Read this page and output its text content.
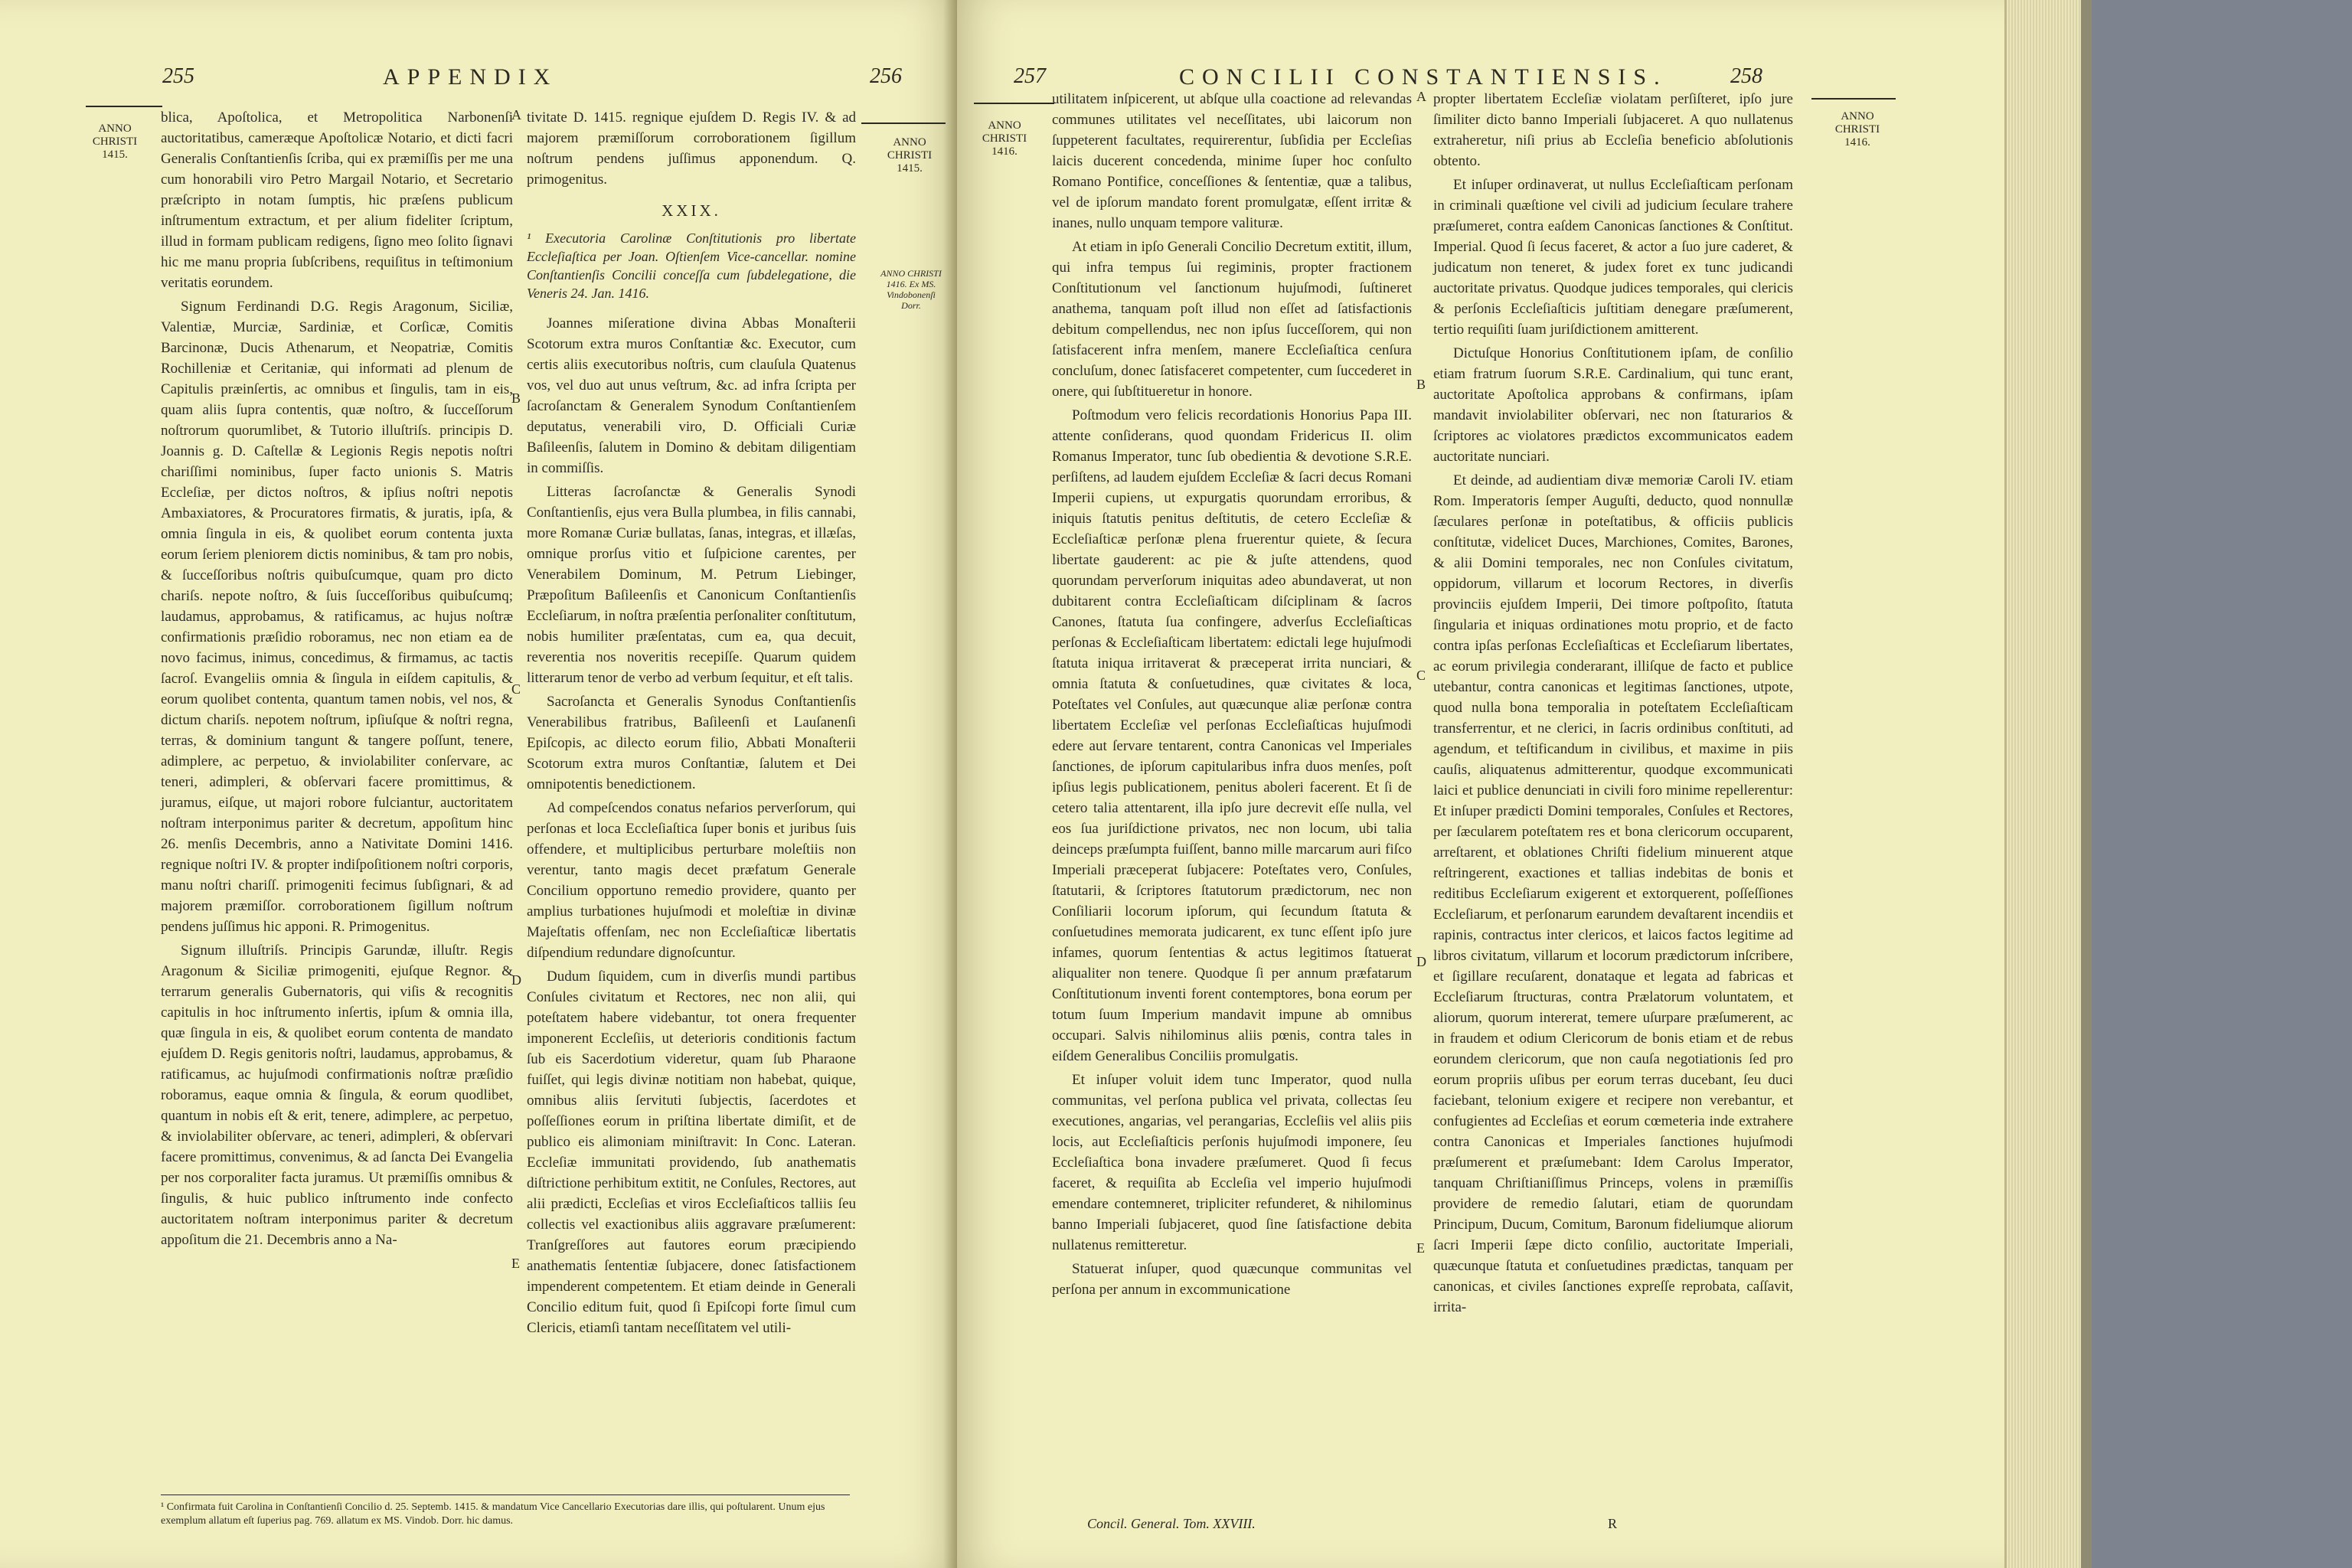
255	APPENDIX	256
ANNO CHRISTI 1415.
ANNO CHRISTI 1415.

blica, Apoſtolica, et Metropolitica Narbonenſi auctoritatibus, cameræque Apoſtolicæ Notario, et dicti facri Generalis Conſtantienſis ſcriba, qui ex præmiſſis per me una cum honorabili viro Petro Margail Notario, et Secretario præſcripto in notam ſumptis, hic præſens publicum inſtrumentum extractum, et per alium fideliter ſcriptum, illud in formam publicam redigens, ſigno meo ſolito ſignavi hic me manu propria ſubſcribens, requiſitus in teſtimonium veritatis eorundem.

Signum Ferdinandi D.G. Regis Aragonum, Siciliæ, Valentiæ, Murciæ, Sardiniæ, et Corſicæ, Comitis Barcinonæ, Ducis Athenarum, et Neopatriæ, Comitis Rochilleniæ et Ceritaniæ, qui informati ad plenum de Capitulis præinſertis, ac omnibus et ſingulis, tam in eis, quam aliis ſupra contentis, quæ noſtro, & ſucceſſorum noſtrorum quorumlibet, & Tutorio illuſtriſs. principis D. Joannis g. D. Caſtellæ & Legionis Regis nepotis noſtri chariſſimi nominibus, ſuper facto unionis S. Matris Eccleſiæ, per dictos noſtros, & ipſius noſtri nepotis Ambaxiatores, & Procuratores firmatis, & juratis, ipſa, & omnia ſingula in eis, & quolibet eorum contenta juxta eorum ſeriem pleniorem dictis nominibus, & tam pro nobis, & ſucceſſoribus noſtris quibuſcumque, quam pro dicto chariſs. nepote noſtro, & ſuis ſucceſſoribus quibuſcumq; laudamus, approbamus, & ratificamus, ac hujus noſtræ confirmationis præſidio roboramus, nec non etiam ea de novo facimus, inimus, concedimus, & firmamus, ac tactis ſacroſ. Evangeliis omnia & ſingula in eiſdem capitulis, & eorum quolibet contenta, quantum tamen nobis, vel nos, & dictum chariſs. nepotem noſtrum, ipſiuſque & noſtri regna, terras, & dominium tangunt & tangere poſſunt, tenere, adimplere, ac perpetuo, & inviolabiliter conſervare, ac teneri, adimpleri, & obſervari facere promittimus, & juramus, eiſque, ut majori robore fulciantur, auctoritatem noſtram interponimus pariter & decretum, appoſitum hinc 26. menſis Decembris, anno a Nativitate Domini 1416. regnique noſtri IV. & propter indiſpoſitionem noſtri corporis, manu noſtri chariſſ. primogeniti fecimus ſubſignari, & ad majorem præmiſſor. corroborationem ſigillum noſtrum pendens juſſimus hic apponi. R. Primogenitus.

Signum illuſtriſs. Principis Garundæ, illuſtr. Regis Aragonum & Siciliæ primogeniti, ejuſque Regnor. & terrarum generalis Gubernatoris, qui viſis & recognitis capitulis in hoc inſtrumento inſertis, ipſum & omnia illa, quæ ſingula in eis, & quolibet eorum contenta de mandato ejuſdem D. Regis genitoris noſtri, laudamus, approbamus, & ratificamus, ac hujuſmodi confirmationis noſtræ præſidio roboramus, eaque omnia & ſingula, & eorum quodlibet, quantum in nobis eſt & erit, tenere, adimplere, ac perpetuo, & inviolabiliter obſervare, ac teneri, adimpleri, & obſervari facere promittimus, convenimus, & ad ſancta Dei Evangelia per nos corporaliter facta juramus. Ut præmiſſis omnibus & ſingulis, & huic publico inſtrumento inde confecto auctoritatem noſtram interponimus pariter & decretum appoſitum die 21. Decembris anno a Na-

A
B
C
D
E

tivitate D. 1415. regnique ejuſdem D. Regis IV. & ad majorem præmiſſorum corroborationem ſigillum noſtrum pendens juſſimus apponendum. Q. primogenitus.

XXIX.

¹ Executoria Carolinæ Conſtitutionis pro libertate Eccleſiaſtica per Joan. Oſtienſem Vice-cancellar. nomine Conſtantienſis Concilii conceſſa cum ſubdelegatione, die Veneris 24. Jan. 1416.

Joannes miſeratione divina Abbas Monaſterii Scotorum extra muros Conſtantiæ &c. Executor, cum certis aliis executoribus noſtris, cum clauſula Quatenus vos, vel duo aut unus veſtrum, &c. ad infra ſcripta per ſacroſanctam & Generalem Synodum Conſtantienſem deputatus, venerabili viro, D. Officiali Curiæ Baſileenſis, ſalutem in Domino & debitam diligentiam in commiſſis.

Litteras ſacroſanctæ & Generalis Synodi Conſtantienſis, ejus vera Bulla plumbea, in filis cannabi, more Romanæ Curiæ bullatas, ſanas, integras, et illæſas, omnique prorſus vitio et ſuſpicione carentes, per Venerabilem Dominum, M. Petrum Liebinger, Præpoſitum Baſileenſis et Canonicum Conſtantienſis Eccleſiarum, in noſtra præſentia perſonaliter conſtitutum, nobis humiliter præſentatas, cum ea, qua decuit, reverentia nos noveritis recepiſſe. Quarum quidem litterarum tenor de verbo ad verbum ſequitur, et eſt talis.

Sacroſancta et Generalis Synodus Conſtantienſis Venerabilibus fratribus, Baſileenſi et Lauſanenſi Epiſcopis, ac dilecto eorum filio, Abbati Monaſterii Scotorum extra muros Conſtantiæ, ſalutem et Dei omnipotentis benedictionem.

Ad compeſcendos conatus nefarios perverſorum, qui perſonas et loca Eccleſiaſtica ſuper bonis et juribus ſuis offendere, et multiplicibus perturbare moleſtiis non verentur, tanto magis decet præfatum Generale Concilium opportuno remedio providere, quanto per amplius turbationes hujuſmodi et moleſtiæ in divinæ Majeſtatis offenſam, nec non Eccleſiaſticæ libertatis diſpendium redundare dignoſcuntur.

Dudum ſiquidem, cum in diverſis mundi partibus Conſules civitatum et Rectores, nec non alii, qui poteſtatem habere videbantur, tot onera frequenter imponerent Eccleſiis, ut deterioris conditionis factum ſub eis Sacerdotium videretur, quam ſub Pharaone fuiſſet, qui legis divinæ notitiam non habebat, quique, omnibus aliis ſervituti ſubjectis, ſacerdotes et poſſeſſiones eorum in priſtina libertate dimiſit, et de publico eis alimoniam miniſtravit: In Conc. Lateran. Eccleſiæ immunitati providendo, ſub anathematis diſtrictione perhibitum extitit, ne Conſules, Rectores, aut alii prædicti, Eccleſias et viros Eccleſiaſticos talliis ſeu collectis vel exactionibus aliis aggravare præſumerent: Tranſgreſſores aut fautores eorum præcipiendo anathematis ſententiæ ſubjacere, donec ſatisfactionem impenderent competentem. Et etiam deinde in Generali Concilio editum fuit, quod ſi Epiſcopi forte ſimul cum Clericis, etiamſi tantam neceſſitatem vel utili-

ANNO CHRISTI 1416. Ex MS. Vindobonenſi Dorr.
¹ Confirmata fuit Carolina in Conſtantienſi Concilio d. 25. Septemb. 1415. & mandatum Vice Cancellario Executorias dare illis, qui poſtularent. Unum ejus exemplum allatum eſt ſuperius pag. 769. allatum ex MS. Vindob. Dorr. hic damus.
257	CONCILII CONSTANTIENSIS.	258
ANNO CHRISTI 1416.
ANNO CHRISTI 1416.

utilitatem inſpicerent, ut abſque ulla coactione ad relevandas communes utilitates vel neceſſitates, ubi laicorum non ſuppeterent facultates, requirerentur, ſubſidia per Eccleſias laicis ducerent concedenda, minime ſuper hoc conſulto Romano Pontifice, conceſſiones & ſententiæ, quæ a talibus, vel de ipſorum mandato forent promulgatæ, eſſent irritæ & inanes, nullo unquam tempore valituræ.

At etiam in ipſo Generali Concilio Decretum extitit, illum, qui infra tempus ſui regiminis, propter fractionem Conſtitutionum vel ſanctionum hujuſmodi, ſuſtineret anathema, tanquam poſt illud non eſſet ad ſatisfactionis debitum compellendus, nec non ipſus ſucceſſorem, qui non ſatisfacerent infra menſem, manere Eccleſiaſtica cenſura concluſum, donec ſatisfaceret competenter, cum ſuccederet in onere, qui ſubſtitueretur in honore.

Poſtmodum vero felicis recordationis Honorius Papa III. attente conſiderans, quod quondam Fridericus II. olim Romanus Imperator, tunc ſub obedientia & devotione S.R.E. perſiſtens, ad laudem ejuſdem Eccleſiæ & ſacri decus Romani Imperii cupiens, ut expurgatis quorundam erroribus, & iniquis ſtatutis penitus deſtitutis, de cetero Eccleſiæ & Eccleſiaſticæ perſonæ plena fruerentur quiete, & ſecura libertate gauderent: ac pie & juſte attendens, quod quorundam perverſorum iniquitas adeo abundaverat, ut non dubitarent contra Eccleſiaſticam diſciplinam & ſacros Canones, ſtatuta ſua confingere, adverſus Eccleſiaſticas perſonas & Eccleſiaſticam libertatem: edictali lege hujuſmodi ſtatuta iniqua irritaverat & præceperat irrita nunciari, & omnia ſtatuta & conſuetudines, quæ civitates & loca, Poteſtates vel Conſules, aut quæcunque aliæ perſonæ contra libertatem Eccleſiæ vel perſonas Eccleſiaſticas hujuſmodi edere aut ſervare tentarent, contra Canonicas vel Imperiales ſanctiones, de ipſorum capitularibus infra duos menſes, poſt ipſius legis publicationem, penitus aboleri facerent. Et ſi de cetero talia attentarent, illa ipſo jure decrevit eſſe nulla, vel eos ſua juriſdictione privatos, nec non locum, ubi talia deinceps præſumpta fuiſſent, banno mille marcarum auri fiſco Imperiali præceperat ſubjacere: Poteſtates vero, Conſules, ſtatutarii, & ſcriptores ſtatutorum prædictorum, nec non Conſiliarii locorum ipſorum, qui ſecundum ſtatuta & conſuetudines memorata judicarent, ex tunc eſſent ipſo jure infames, quorum ſententias & actus legitimos ſtatuerat aliqualiter non tenere. Quodque ſi per annum præfatarum Conſtitutionum inventi forent contemptores, bona eorum per totum ſuum Imperium mandavit impune ab omnibus occupari. Salvis nihilominus aliis pœnis, contra tales in eiſdem Generalibus Conciliis promulgatis.

Et inſuper voluit idem tunc Imperator, quod nulla communitas, vel perſona publica vel privata, collectas ſeu executiones, angarias, vel perangarias, Eccleſiis vel aliis piis locis, aut Eccleſiaſticis perſonis hujuſmodi imponere, ſeu Eccleſiaſtica bona invadere præſumeret. Quod ſi fecus faceret, & requiſita ab Eccleſia vel imperio hujuſmodi emendare contemneret, tripliciter refunderet, & nihilominus banno Imperiali ſubjaceret, quod ſine ſatisfactione debita nullatenus remitteretur.

Statuerat inſuper, quod quæcunque communitas vel perſona per annum in excommunicatione

A
B
C
D
E

propter libertatem Eccleſiæ violatam perſiſteret, ipſo jure ſimiliter dicto banno Imperiali ſubjaceret. A quo nullatenus extraheretur, niſi prius ab Eccleſia beneficio abſolutionis obtento.

Et inſuper ordinaverat, ut nullus Eccleſiaſticam perſonam in criminali quæſtione vel civili ad judicium ſeculare trahere præſumeret, contra eaſdem Canonicas ſanctiones & Conſtitut. Imperial. Quod ſi ſecus faceret, & actor a ſuo jure caderet, & judicatum non teneret, & judex foret ex tunc judicandi auctoritate privatus. Quodque judices temporales, qui clericis & perſonis Eccleſiaſticis juſtitiam denegare præſumerent, tertio requiſiti ſuam juriſdictionem amitterent.

Dictuſque Honorius Conſtitutionem ipſam, de conſilio etiam fratrum ſuorum S.R.E. Cardinalium, qui tunc erant, auctoritate Apoſtolica approbans & confirmans, ipſam mandavit inviolabiliter obſervari, nec non ſtaturarios & ſcriptores ac violatores prædictos excommunicatos eadem auctoritate nunciari.

Et deinde, ad audientiam divæ memoriæ Caroli IV. etiam Rom. Imperatoris ſemper Auguſti, deducto, quod nonnullæ ſæculares perſonæ in poteſtatibus, & officiis publicis conſtitutæ, videlicet Duces, Marchiones, Comites, Barones, & alii Domini temporales, nec non Conſules civitatum, oppidorum, villarum et locorum Rectores, in diverſis provinciis ejuſdem Imperii, Dei timore poſtpoſito, ſtatuta ſingularia et iniquas ordinationes motu proprio, et de facto contra ipſas perſonas Eccleſiaſticas et Eccleſiarum libertates, ac eorum privilegia conderarant, illiſque de facto et publice utebantur, contra canonicas et legitimas ſanctiones, utpote, quod nulla bona temporalia in poteſtatem Eccleſiaſticam transferrentur, et ne clerici, in ſacris ordinibus conſtituti, ad agendum, et teſtificandum in civilibus, et maxime in piis cauſis, aliquatenus admitterentur, quodque excommunicati laici et publice denunciati in civili foro minime repellerentur: Et inſuper prædicti Domini temporales, Conſules et Rectores, per ſæcularem poteſtatem res et bona clericorum occuparent, arreſtarent, et oblationes Chriſti fidelium minuerent atque reſtringerent, exactiones et tallias indebitas de bonis et reditibus Eccleſiarum exigerent et extorquerent, poſſeſſiones Eccleſiarum, et perſonarum earundem devaſtarent incendiis et rapinis, contractus inter clericos, et laicos factos legitime ad libros civitatum, villarum et locorum prædictorum inſcribere, et ſigillare recuſarent, donataque et legata ad fabricas et Eccleſiarum ſtructuras, contra Prælatorum voluntatem, et aliorum, quorum intererat, temere uſurpare præſumerent, ac in fraudem et odium Clericorum de bonis etiam et de rebus eorundem clericorum, que non cauſa negotiationis ſed pro eorum propriis uſibus per eorum terras ducebant, ſeu duci faciebant, telonium exigere et recipere non verebantur, et confugientes ad Eccleſias et eorum cœmeteria inde extrahere contra Canonicas et Imperiales ſanctiones hujuſmodi præſumerent et præſumebant: Idem Carolus Imperator, tanquam Chriſtianiſſimus Princeps, volens in præmiſſis providere de remedio ſalutari, etiam de quorundam Principum, Ducum, Comitum, Baronum fideliumque aliorum ſacri Imperii ſæpe dicto conſilio, auctoritate Imperiali, quæcunque ſtatuta et conſuetudines prædictas, tanquam per canonicas, et civiles ſanctiones expreſſe reprobata, caſſavit, irrita-

Concil. General. Tom. XXVIII.	R
